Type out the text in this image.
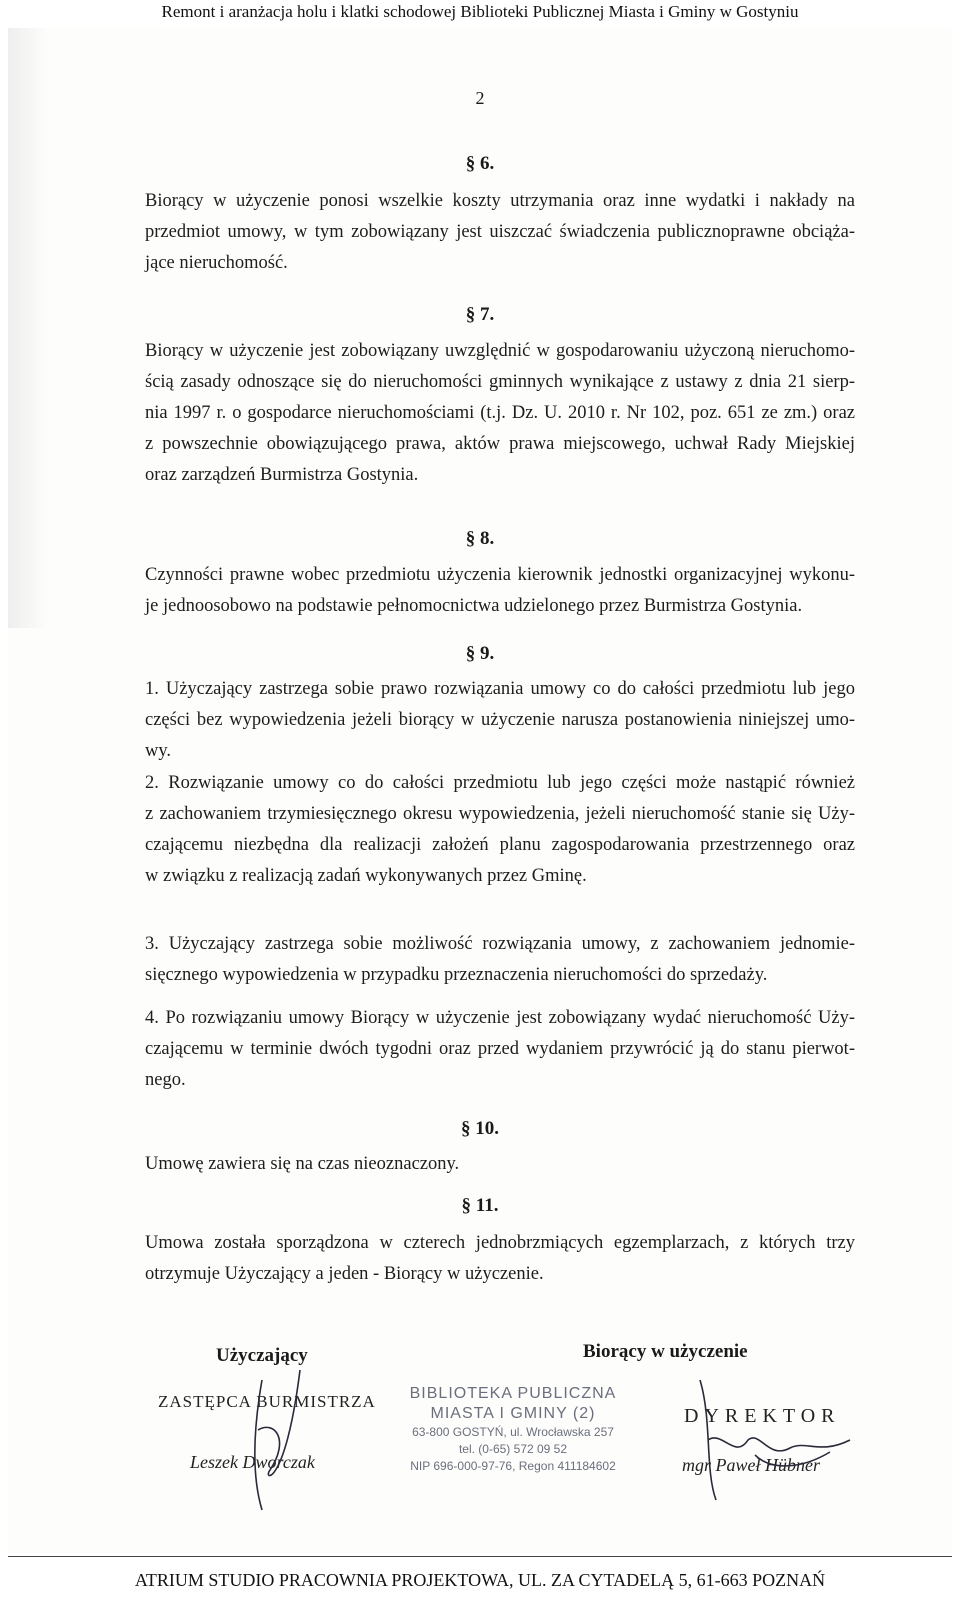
Remont i aranżacja holu i klatki schodowej Biblioteki Publicznej Miasta i Gminy w Gostyniu
2
§ 6.
Biorący w użyczenie ponosi wszelkie koszty utrzymania oraz inne wydatki i nakłady na
przedmiot umowy, w tym zobowiązany jest uiszczać świadczenia publicznoprawne obciąża-
jące nieruchomość.
§ 7.
Biorący w użyczenie jest zobowiązany uwzględnić w gospodarowaniu użyczoną nieruchomo-
ścią zasady odnoszące się do nieruchomości gminnych wynikające z ustawy z dnia 21 sierp-
nia 1997 r. o gospodarce nieruchomościami (t.j. Dz. U. 2010 r. Nr 102, poz. 651 ze zm.) oraz
z powszechnie obowiązującego prawa, aktów prawa miejscowego, uchwał Rady Miejskiej
oraz zarządzeń Burmistrza Gostynia.
§ 8.
Czynności prawne wobec przedmiotu użyczenia kierownik jednostki organizacyjnej wykonu-
je jednoosobowo na podstawie pełnomocnictwa udzielonego przez Burmistrza Gostynia.
§ 9.
1. Użyczający zastrzega sobie prawo rozwiązania umowy co do całości przedmiotu lub jego
części bez wypowiedzenia jeżeli biorący w użyczenie narusza postanowienia niniejszej umo-
wy.
2. Rozwiązanie umowy co do całości przedmiotu lub jego części może nastąpić również
z zachowaniem trzymiesięcznego okresu wypowiedzenia, jeżeli nieruchomość stanie się Uży-
czającemu niezbędna dla realizacji założeń planu zagospodarowania przestrzennego oraz
w związku z realizacją zadań wykonywanych przez Gminę.
3. Użyczający zastrzega sobie możliwość rozwiązania umowy, z zachowaniem jednomie-
sięcznego wypowiedzenia w przypadku przeznaczenia nieruchomości do sprzedaży.
4. Po rozwiązaniu umowy Biorący w użyczenie jest zobowiązany wydać nieruchomość Uży-
czającemu w terminie dwóch tygodni oraz przed wydaniem przywrócić ją do stanu pierwot-
nego.
§ 10.
Umowę zawiera się na czas nieoznaczony.
§ 11.
Umowa została sporządzona w czterech jednobrzmiących egzemplarzach, z których trzy
otrzymuje Użyczający a jeden - Biorący w użyczenie.
Użyczający
ZASTĘPCA BURMISTRZA
Leszek Dworczak
BIBLIOTEKA PUBLICZNA
MIASTA I GMINY (2)
63-800 GOSTYŃ, ul. Wrocławska 257
tel. (0-65) 572 09 52
NIP 696-000-97-76, Regon 411184602
Biorący w użyczenie
DYREKTOR
mgr Paweł Hübner
ATRIUM STUDIO PRACOWNIA PROJEKTOWA, UL. ZA CYTADELĄ 5, 61-663 POZNAŃ
